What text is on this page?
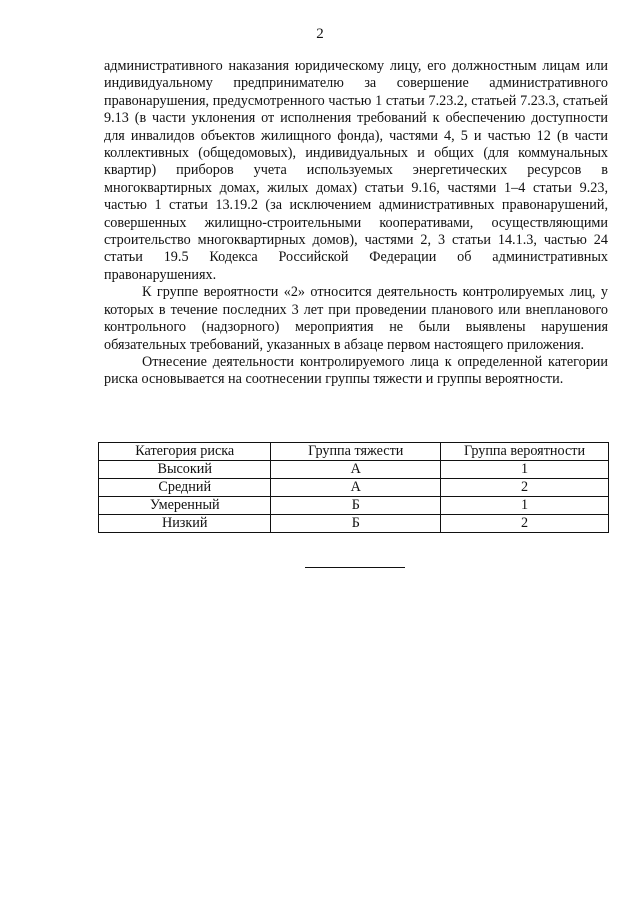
2

административного наказания юридическому лицу, его должностным лицам или индивидуальному предпринимателю за совершение административного правонарушения, предусмотренного частью 1 статьи 7.23.2, статьей 7.23.3, статьей 9.13 (в части уклонения от исполнения требований к обеспечению доступности для инвалидов объектов жилищного фонда), частями 4, 5 и частью 12 (в части коллективных (общедомовых), индивидуальных и общих (для коммунальных квартир) приборов учета используемых энергетических ресурсов в многоквартирных домах, жилых домах) статьи 9.16, частями 1–4 статьи 9.23, частью 1 статьи 13.19.2 (за исключением административных правонарушений, совершенных жилищно-строительными кооперативами, осуществляющими строительство многоквартирных домов), частями 2, 3 статьи 14.1.3, частью 24 статьи 19.5 Кодекса Российской Федерации об административных правонарушениях.

К группе вероятности «2» относится деятельность контролируемых лиц, у которых в течение последних 3 лет при проведении планового или внепланового контрольного (надзорного) мероприятия не были выявлены нарушения обязательных требований, указанных в абзаце первом настоящего приложения.

Отнесение деятельности контролируемого лица к определенной категории риска основывается на соотнесении группы тяжести и группы вероятности.

Категория риска	Группа тяжести	Группа вероятности
Высокий	А	1
Средний	А	2
Умеренный	Б	1
Низкий	Б	2
